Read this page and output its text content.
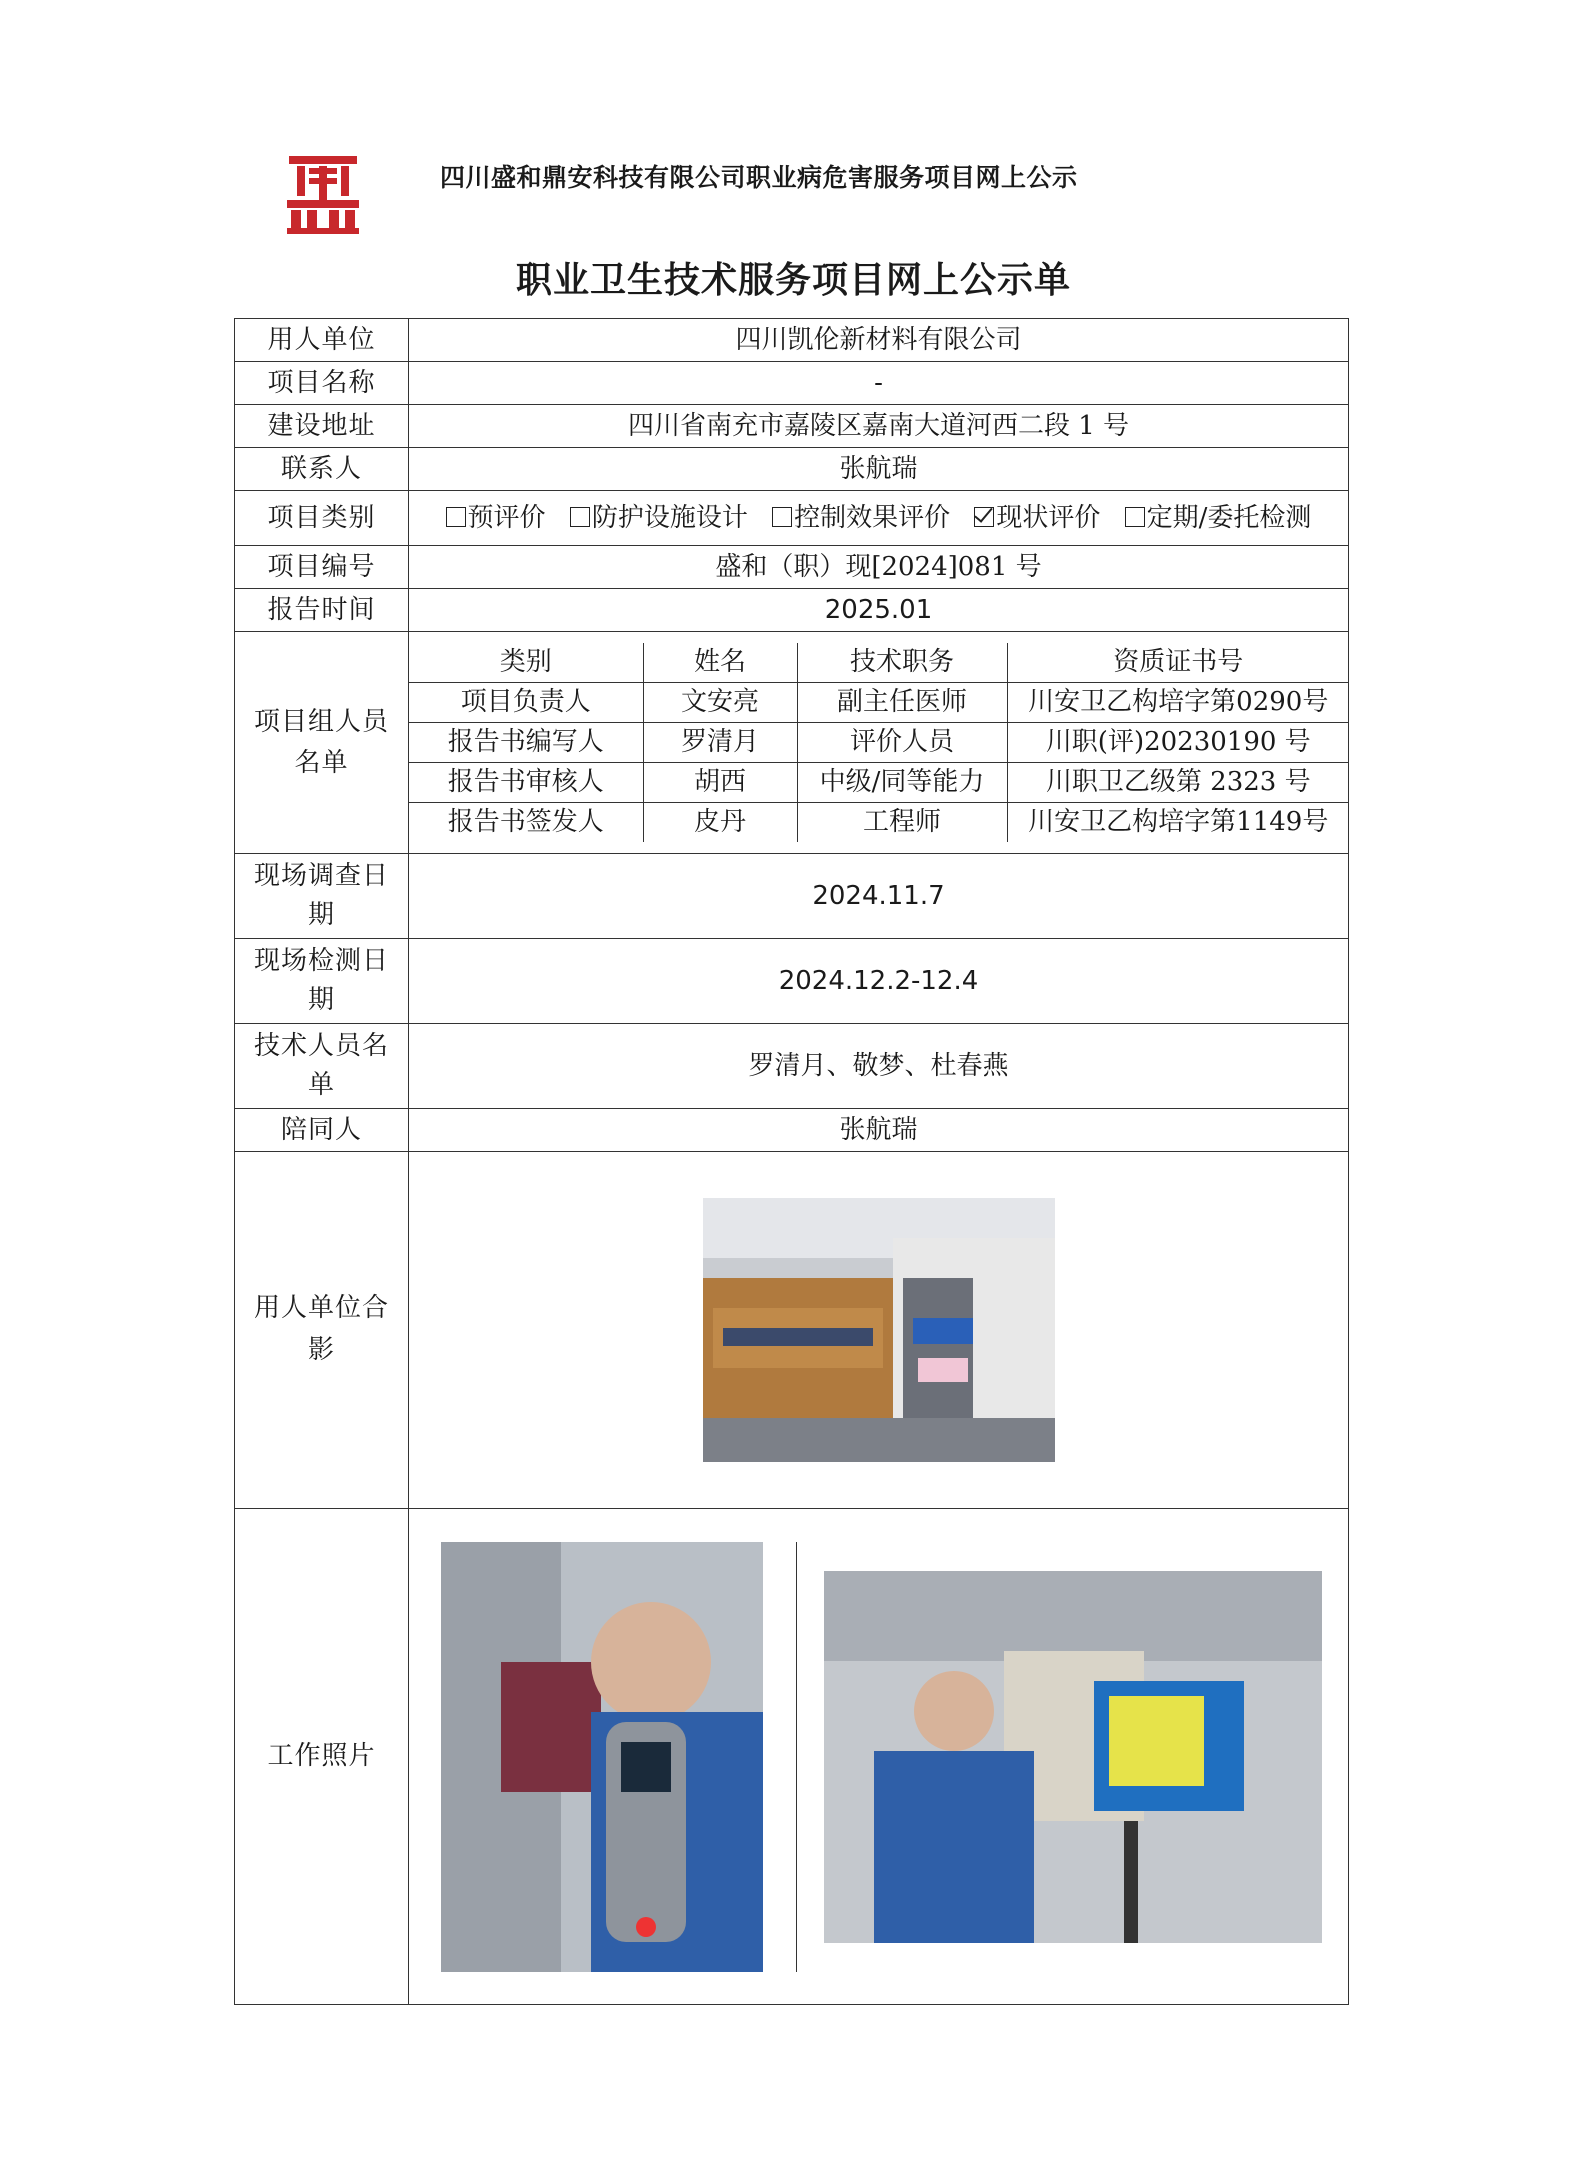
四川盛和鼎安科技有限公司职业病危害服务项目网上公示
职业卫生技术服务项目网上公示单
用人单位	四川凯伦新材料有限公司
项目名称	-
建设地址	四川省南充市嘉陵区嘉南大道河西二段 1 号
联系人	张航瑞
项目类别	预评价 防护设施设计 控制效果评价 现状评价 定期/委托检测
项目编号	盛和（职）现[2024]081 号
报告时间	2025.01

项目组人员名单

类别	姓名	技术职务	资质证书号
项目负责人	文安亮	副主任医师	川安卫乙构培字第0290号
报告书编写人	罗清月	评价人员	川职(评)20230190 号
报告书审核人	胡西	中级/同等能力	川职卫乙级第 2323 号
报告书签发人	皮丹	工程师	川安卫乙构培字第1149号

现场调查日期
	2024.11.7

现场检测日期
	2024.12.2-12.4

技术人员名单
	罗清月、敬梦、杜春燕
陪同人	张航瑞

用人单位合影

工作照片	
